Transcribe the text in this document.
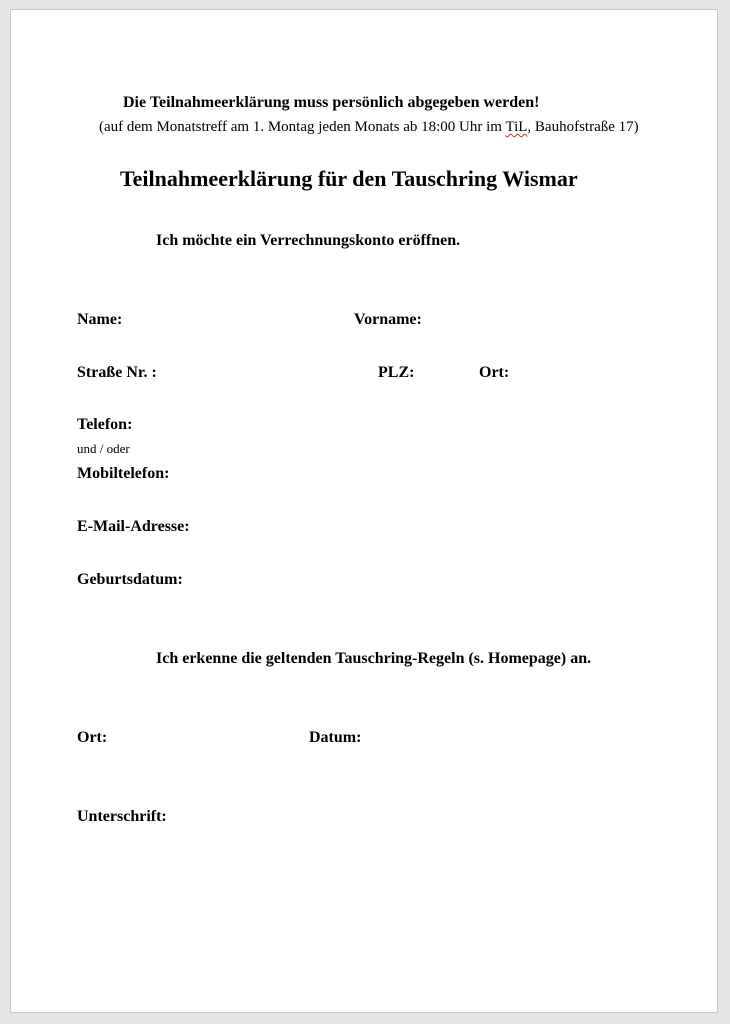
Die Teilnahmeerklärung muss persönlich abgegeben werden!
(auf dem Monatstreff am 1. Montag jeden Monats ab 18:00 Uhr im TiL, Bauhofstraße 17)
Teilnahmeerklärung für den Tauschring Wismar
Ich möchte ein Verrechnungskonto eröffnen.
Name:	Vorname:
Straße Nr. :	PLZ:	Ort:
Telefon:
und / oder
Mobiltelefon:
E-Mail-Adresse:
Geburtsdatum:
Ich erkenne die geltenden Tauschring-Regeln (s. Homepage) an.
Ort:	Datum:
Unterschrift:
